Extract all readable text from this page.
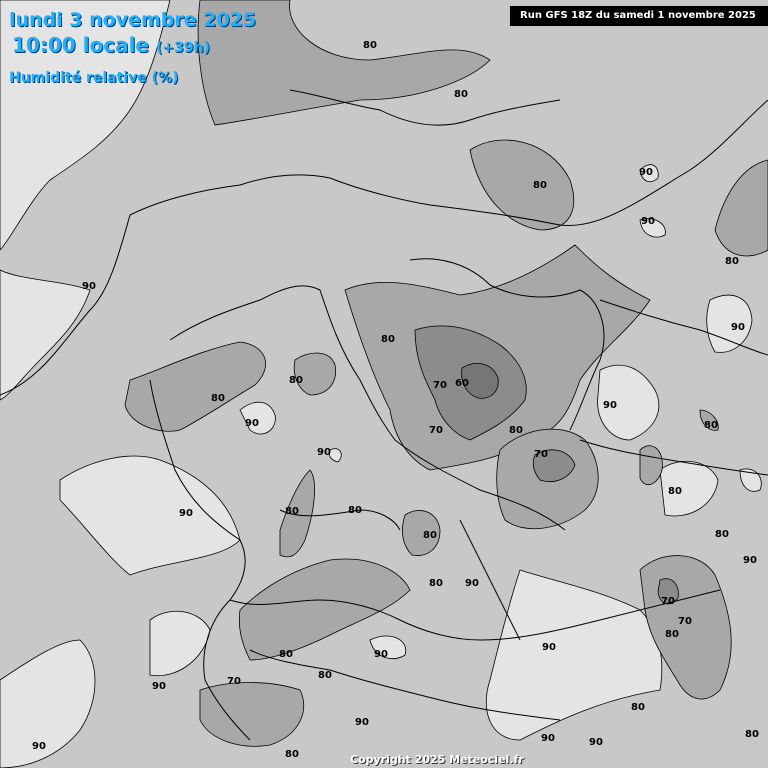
80
80
80
90
90
80
90
80
70 60
80
80
90
90
70
90
80	80
70
80
90	80	80
80
90
80
80 90
70
70
80
90
80	90
70
80
90
90
90
80
80
80
90	90
90
lundi 3 novembre 2025
10:00 locale (+39h)
Humidité relative (%)
Run GFS 18Z du samedi 1 novembre 2025
Copyright 2025 Meteociel.fr
